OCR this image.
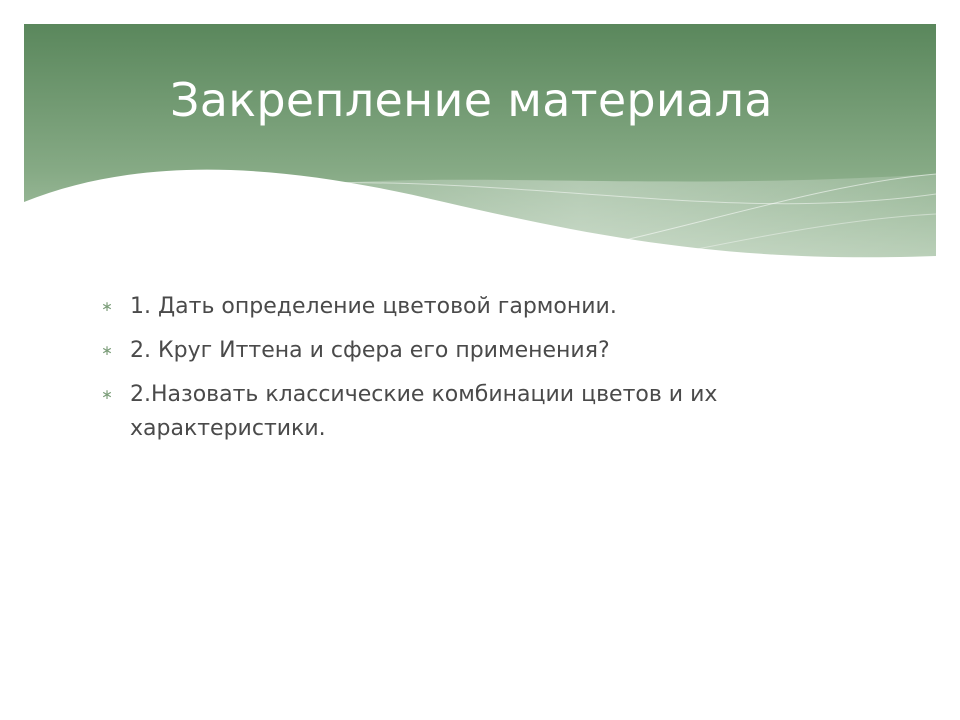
Закрепление материала
∗ 1. Дать определение цветовой гармонии.
∗ 2. Круг Иттена и сфера его применения?
∗ 2.Назовать классические комбинации цветов и их характеристики.
